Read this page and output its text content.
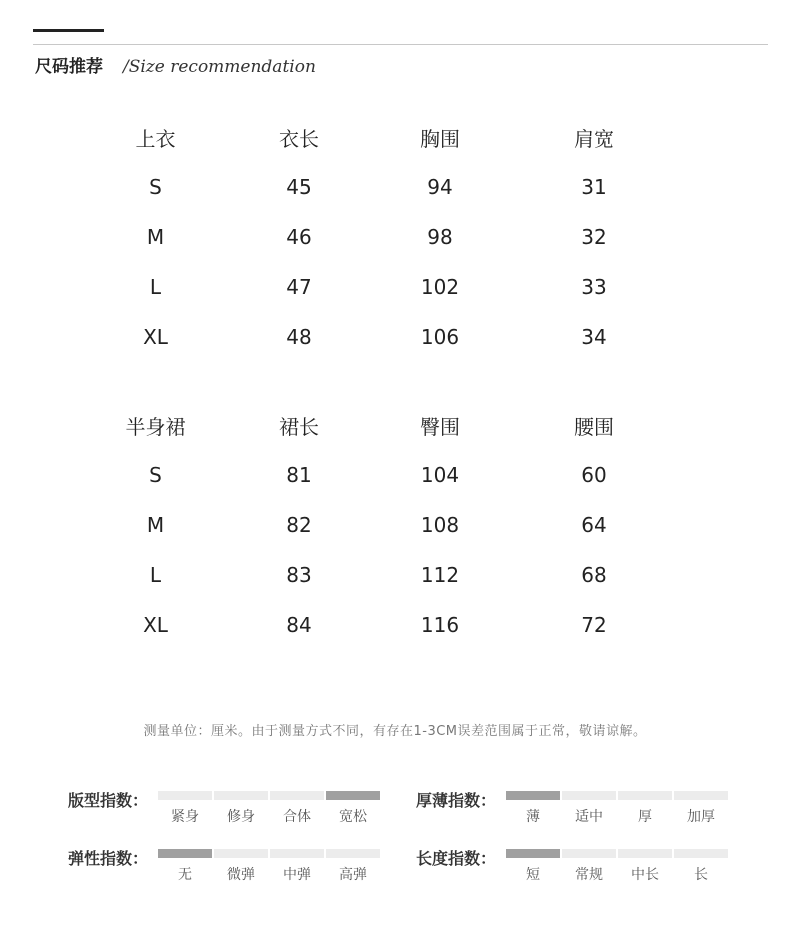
尺码推荐 /Size recommendation
上衣	衣长	胸围	肩宽
S	45	94	31
M	46	98	32
L	47	102	33
XL	48	106	34
半身裙	裙长	臀围	腰围
S	81	104	60
M	82	108	64
L	83	112	68
XL	84	116	72
测量单位：厘米。由于测量方式不同，有存在1-3CM误差范围属于正常，敬请谅解。
版型指数：
紧身 修身 合体 宽松
厚薄指数：
薄	适中	厚	加厚
弹性指数：
无	微弹 中弹 高弹
长度指数：
短	常规 中长	长
